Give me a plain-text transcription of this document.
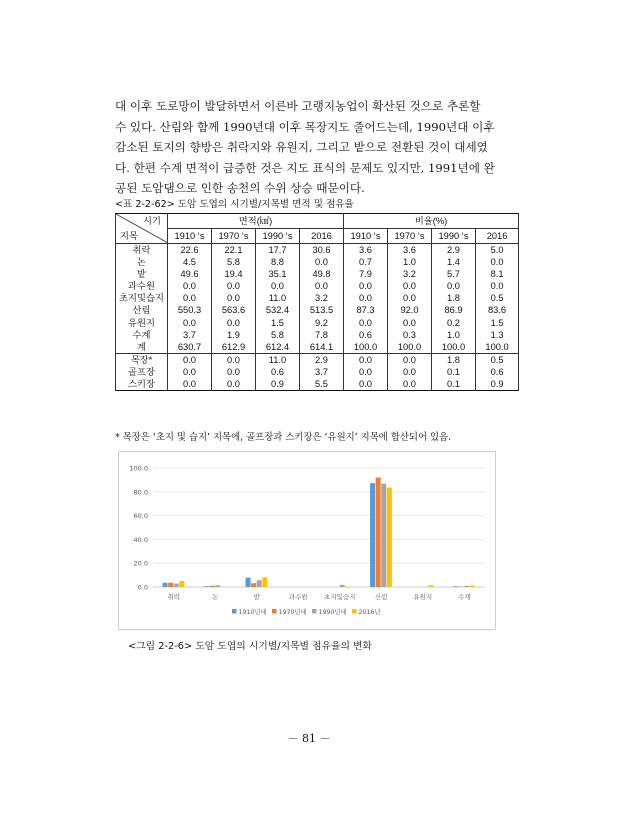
대 이후 도로망이 발달하면서 이른바 고랭지농업이 확산된 것으로 추론할
수 있다. 산림와 함께 1990년대 이후 목장지도 줄어드는데, 1990년대 이후
감소된 토지의 향방은 취락지와 유원지, 그리고 밭으로 전환된 것이 대세였
다. 한편 수계 면적이 급증한 것은 지도 표식의 문제도 있지만, 1991년에 완
공된 도암댐으로 인한 송천의 수위 상승 때문이다.
<표 2-2-62> 도암 도엽의 시기별/지목별 면적 및 점유율
시기
지목	면적(㎢)				비율(%)			
	1910 ‘s	1970 ‘s	1990 ‘s	2016	1910 ‘s	1970 ‘s	1990 ‘s	2016
취락	22.6	22.1	17.7	30.6	3.6	3.6	2.9	5.0
논	4.5	5.8	8.8	0.0	0.7	1.0	1.4	0.0
밭	49.6	19.4	35.1	49.8	7.9	3.2	5.7	8.1
과수원	0.0	0.0	0.0	0.0	0.0	0.0	0.0	0.0
초지및습지	0.0	0.0	11.0	3.2	0.0	0.0	1.8	0.5
산림	550.3	563.6	532.4	513.5	87.3	92.0	86.9	83.6
유원지	0.0	0.0	1.5	9.2	0.0	0.0	0.2	1.5
수계	3.7	1.9	5.8	7.8	0.6	0.3	1.0	1.3
계	630.7	612.9	612.4	614.1	100.0	100.0	100.0	100.0
목장*	0.0	0.0	11.0	2.9	0.0	0.0	1.8	0.5
골프장	0.0	0.0	0.6	3.7	0.0	0.0	0.1	0.6
스키장	0.0	0.0	0.9	5.5	0.0	0.0	0.1	0.9
* 목장은 ‘초지 및 습지’ 지목에, 골프장과 스키장은 ‘유원지’ 지목에 합산되어 있음.
0.0
20.0
40.0
60.0
80.0
100.0
취락	논	밭	과수원	초지및습지	산림	유원지	수계
1910년대 1970년대 1990년대 2016년
<그림 2-2-6> 도암 도엽의 시기별/지목별 점유율의 변화
－ 81 －
